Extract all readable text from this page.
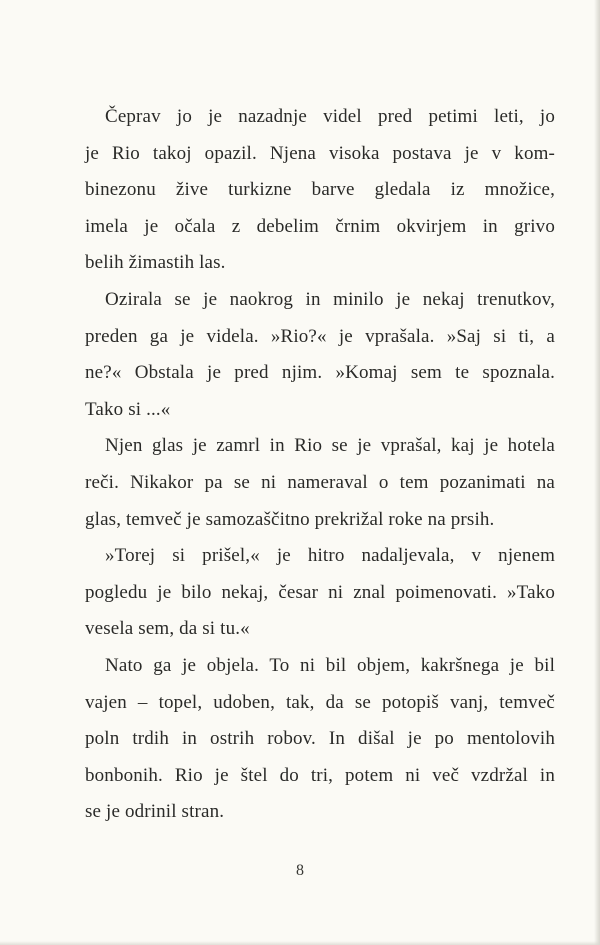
Čeprav jo je nazadnje videl pred petimi leti, jo
je Rio takoj opazil. Njena visoka postava je v kom-
binezonu žive turkizne barve gledala iz množice,
imela je očala z debelim črnim okvirjem in grivo
belih žimastih las.
Ozirala se je naokrog in minilo je nekaj trenutkov,
preden ga je videla. »Rio?« je vprašala. »Saj si ti, a
ne?« Obstala je pred njim. »Komaj sem te spoznala.
Tako si ...«
Njen glas je zamrl in Rio se je vprašal, kaj je hotela
reči. Nikakor pa se ni nameraval o tem pozanimati na
glas, temveč je samozaščitno prekrižal roke na prsih.
»Torej si prišel,« je hitro nadaljevala, v njenem
pogledu je bilo nekaj, česar ni znal poimenovati. »Tako
vesela sem, da si tu.«
Nato ga je objela. To ni bil objem, kakršnega je bil
vajen – topel, udoben, tak, da se potopiš vanj, temveč
poln trdih in ostrih robov. In dišal je po mentolovih
bonbonih. Rio je štel do tri, potem ni več vzdržal in
se je odrinil stran.
8
